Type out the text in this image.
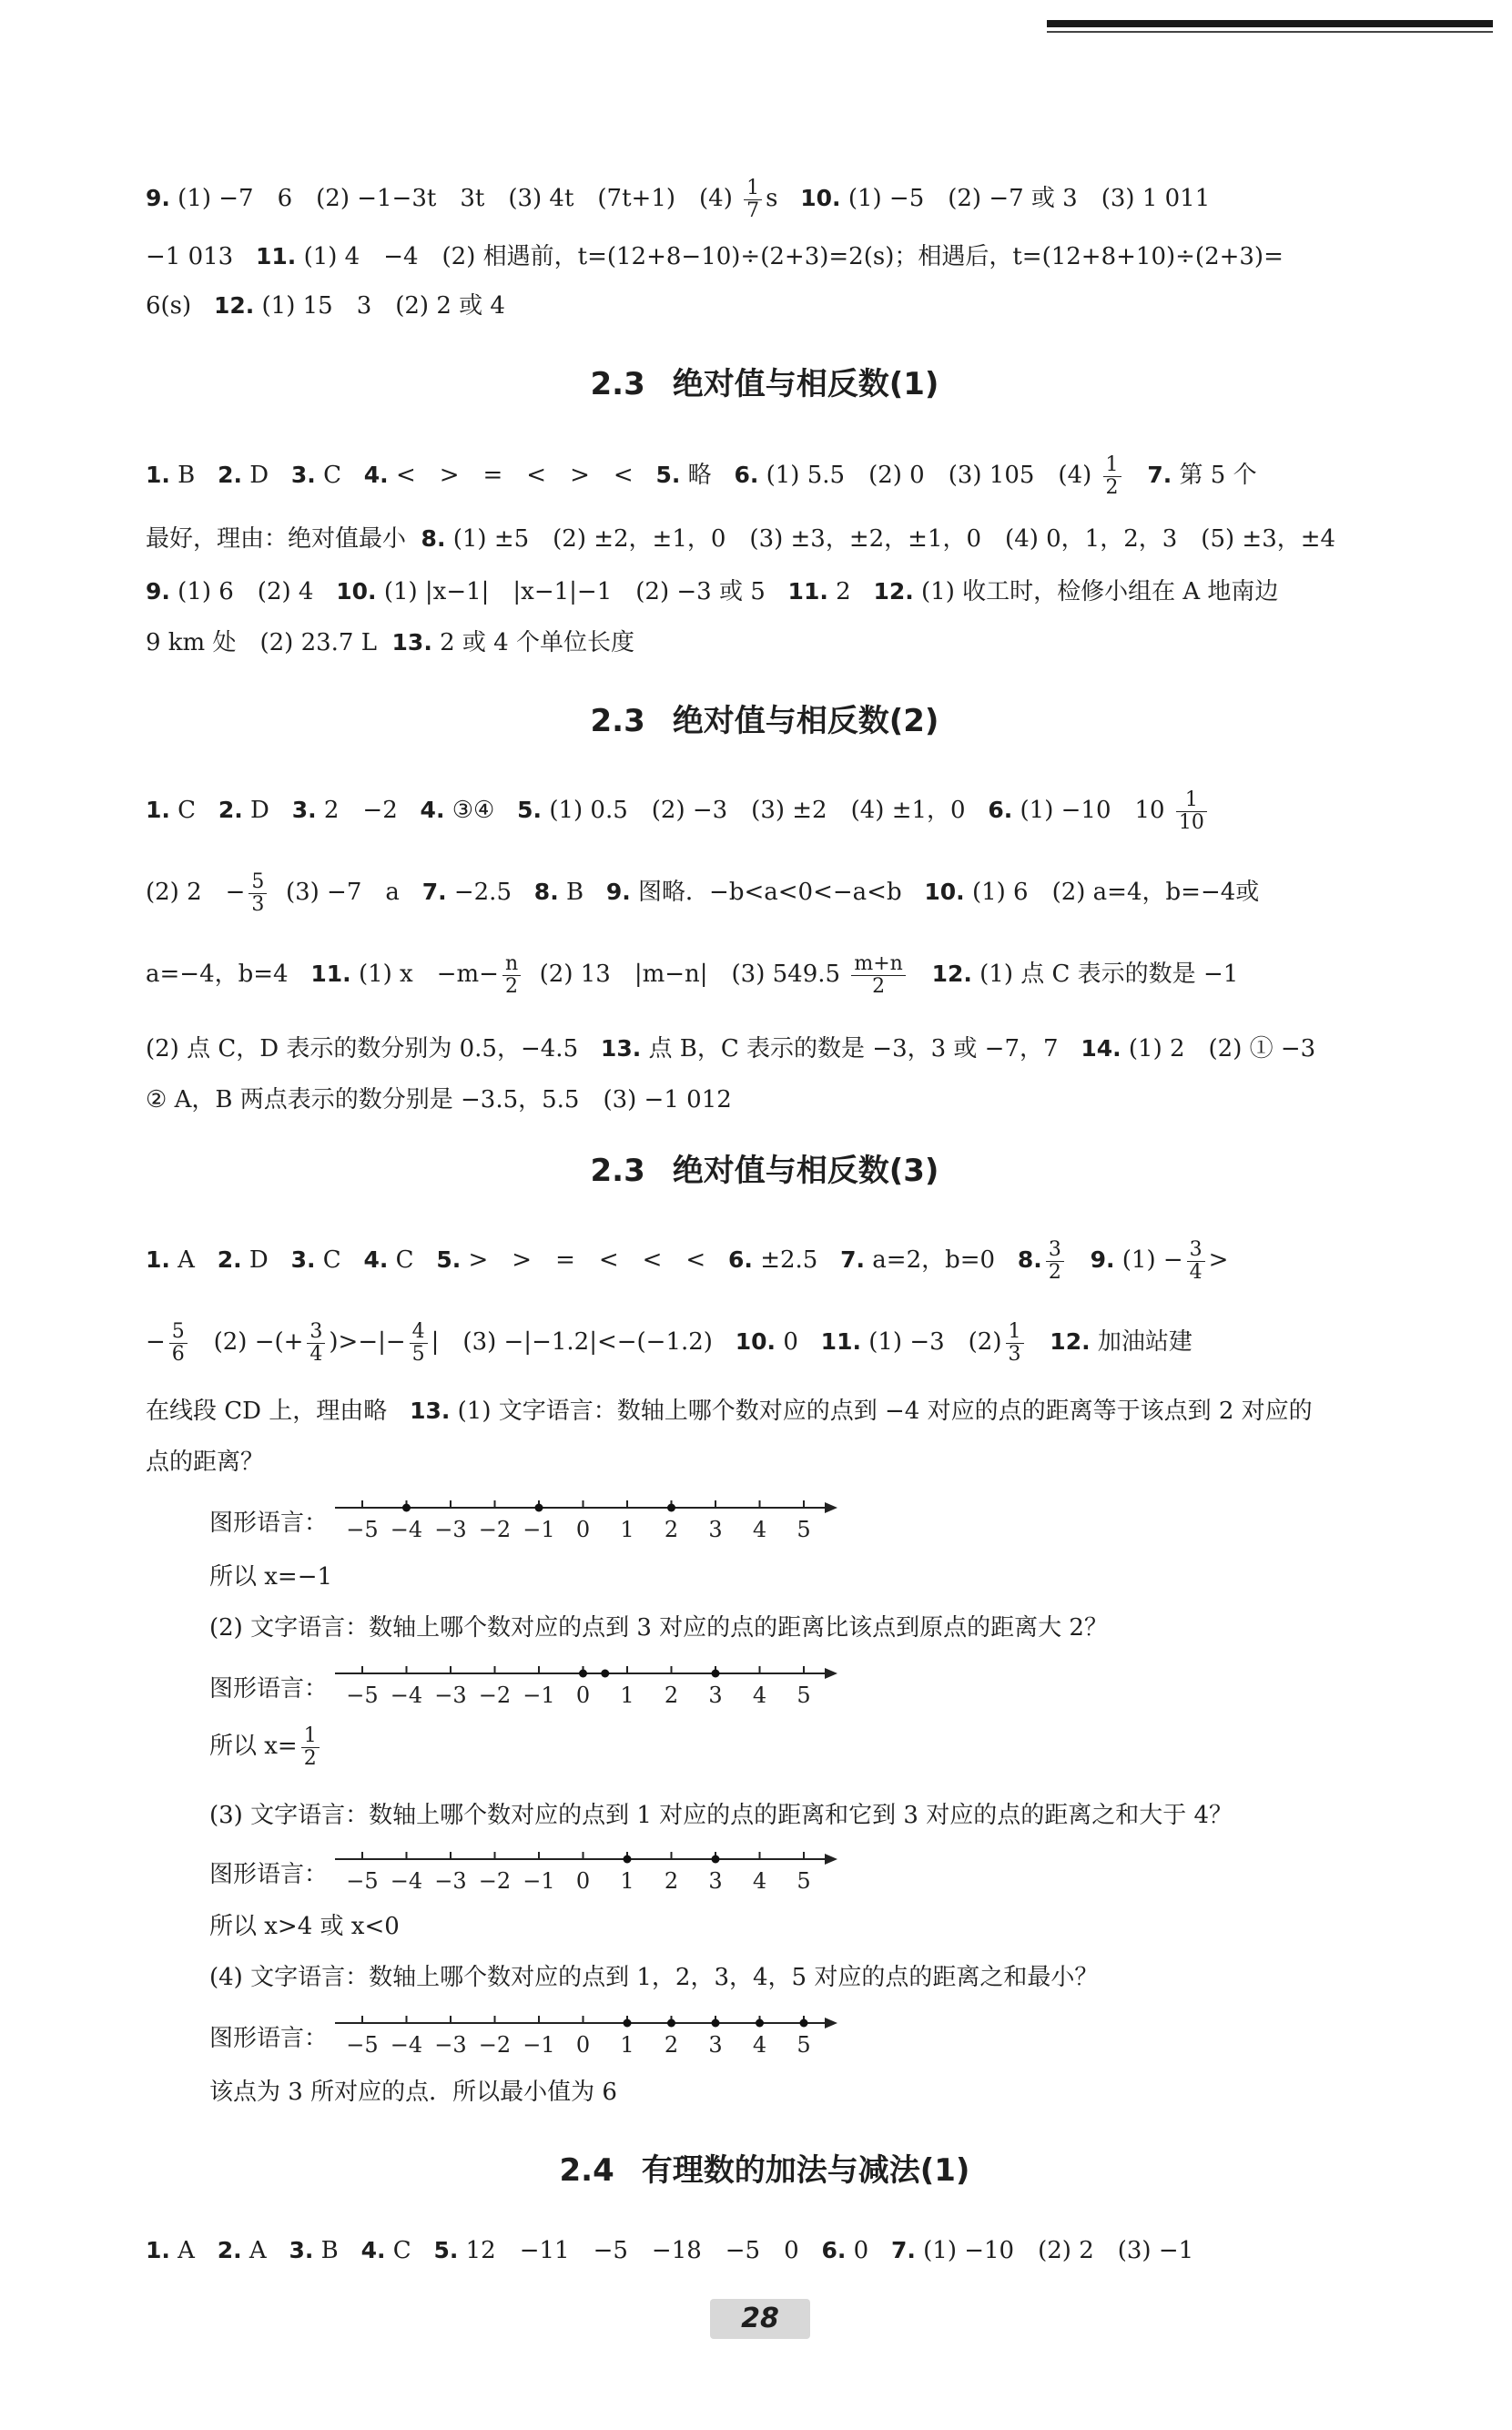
9. (1) −7　6　(2) −1−3t　3t　(3) 4t　(7t+1)　$(4) \frac{1}{7}$ s 10. (1) −5　(2) −7 或 3　(3) 1 011
−1 013 11. (1) 4　−4　(2) 相遇前，t=(12+8−10)÷(2+3)=2(s)；相遇后，t=(12+8+10)÷(2+3)=
6(s) 12. (1) 15　3　(2) 2 或 4
2.3 绝对值与相反数(1)
1. B 2. D 3. C 4. <　>　=　<　>　< 5. 略 6. (1) 5.5　(2) 0　(3) 105　$(4) \frac{1}{2} 7$. 第 5 个
最好，理由：绝对值最小 8. (1) ±5　(2) ±2，±1，0　(3) ±3，±2，±1，0　(4) 0，1，2，3　(5) ±3，±4
9. (1) 6　(2) 4 10. (1) |x−1|　|x−1|−1　(2) −3 或 5 11. 2 12. (1) 收工时，检修小组在 A 地南边
9 km 处　(2) 23.7 L 13. 2 或 4 个单位长度
2.3 绝对值与相反数(2)
1. C 2. D 3. 2　−2 4. ③④ 5. (1) 0.5　(2) −3　(3) ±2　(4) ±1，0 6. (1) −10　$10 \frac{1}{10}$
(2) 2　− $\frac{5}{3} (3) -7$　a 7. −2.5 8. B 9. 图略．−b<a<0<−a<b 10. (1) 6　(2) a=4，b=−4或
a=−4，b=4 11. (1) x　$-m- \frac{n}{2} (2)$ 13　|m−n|　(3) $549.5 \frac{m+n}{2} 12$. (1) 点 C 表示的数是 −1
(2) 点 C，D 表示的数分别为 0.5，−4.5 13. 点 B，C 表示的数是 −3，3 或 −7，7 14. (1) 2　(2) ① −3
② A，B 两点表示的数分别是 −3.5，5.5　(3) −1 012
2.3 绝对值与相反数(3)
1. A 2. D 3. C 4. C 5. >　>　=　<　<　< 6. ±2.5 7. a=2，b=0 8. $\frac{3}{2} 9$. $(1) - \frac{3}{4}$ >
− $\frac{5}{6} (2)$ −(+ $\frac{3}{4}$ )>−|− $\frac{4}{5}$ |　(3) −|−1.2|<−(−1.2) 10. 0 11. (1) −3　$(2) \frac{1}{3} 12$. 加油站建
在线段 CD 上，理由略 13. (1) 文字语言：数轴上哪个数对应的点到 −4 对应的点的距离等于该点到 2 对应的
点的距离？
图形语言： −5 −4 −3 −2 −1 0 1 2 3 4 5
所以 x=−1
(2) 文字语言：数轴上哪个数对应的点到 3 对应的点的距离比该点到原点的距离大 2？
图形语言： −5 −4 −3 −2 −1 0 1 2 3 4 5
所以 $x= \frac{1}{2}$
(3) 文字语言：数轴上哪个数对应的点到 1 对应的点的距离和它到 3 对应的点的距离之和大于 4？
图形语言： −5 −4 −3 −2 −1 0 1 2 3 4 5
所以 x>4 或 x<0
(4) 文字语言：数轴上哪个数对应的点到 1，2，3，4，5 对应的点的距离之和最小？
图形语言： −5 −4 −3 −2 −1 0 1 2 3 4 5
该点为 3 所对应的点．所以最小值为 6
2.4 有理数的加法与减法(1)
1. A 2. A 3. B 4. C 5. 12　−11　−5　−18　−5　0 6. 0 7. (1) −10　(2) 2　(3) −1
28
